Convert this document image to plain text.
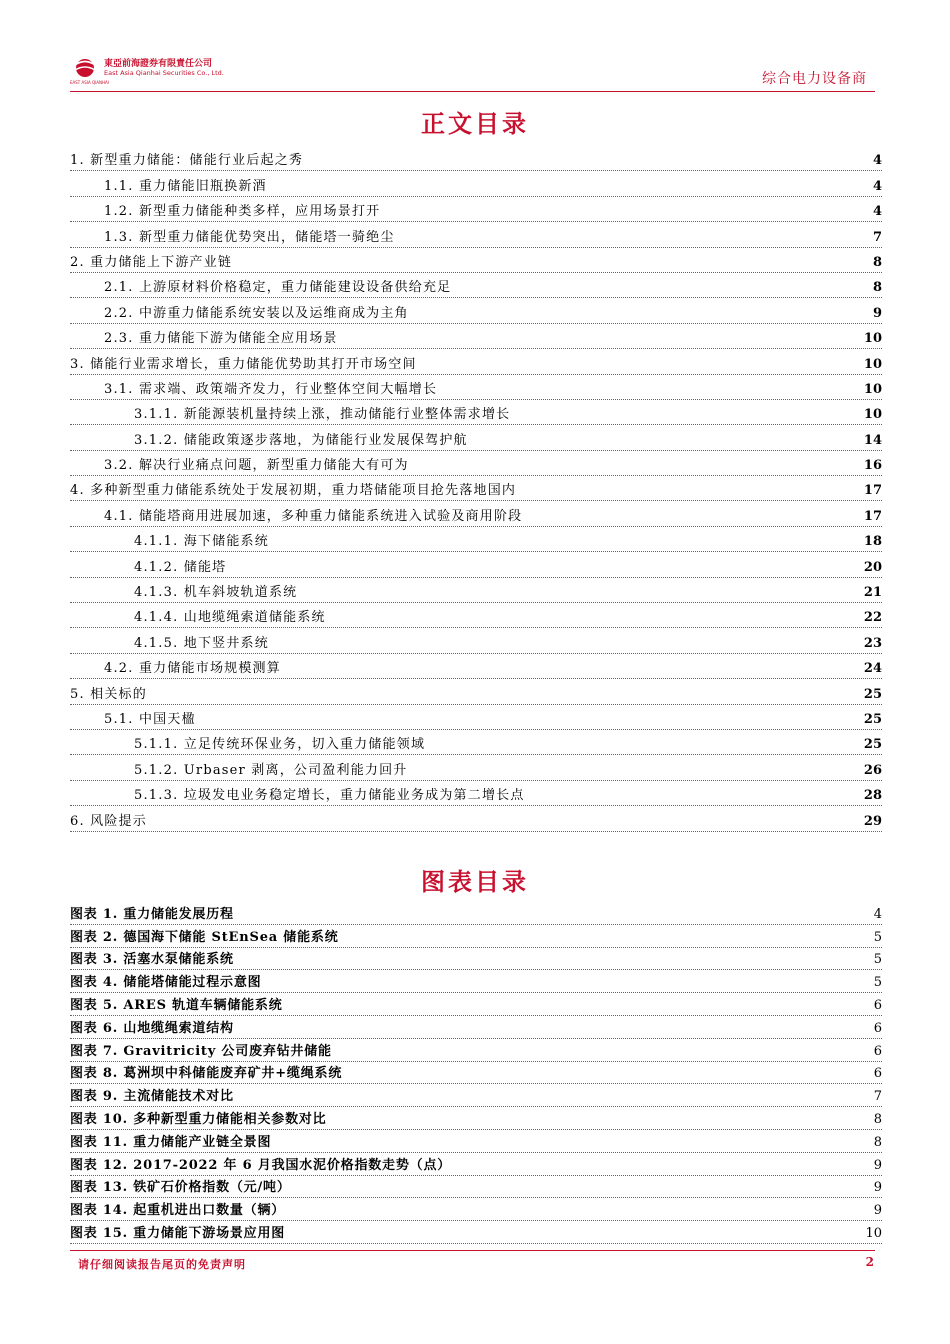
東亞前海證券有限責任公司
East Asia Qianhai Securities Co., Ltd.
EAST ASIA QIANHAI	综合电力设备商
正文目录
1. 新型重力储能：储能行业后起之秀	4
1.1. 重力储能旧瓶换新酒	4
1.2. 新型重力储能种类多样，应用场景打开	4
1.3. 新型重力储能优势突出，储能塔一骑绝尘	7
2. 重力储能上下游产业链	8
2.1. 上游原材料价格稳定，重力储能建设设备供给充足	8
2.2. 中游重力储能系统安装以及运维商成为主角	9
2.3. 重力储能下游为储能全应用场景	10
3. 储能行业需求增长，重力储能优势助其打开市场空间	10
3.1. 需求端、政策端齐发力，行业整体空间大幅增长	10
3.1.1. 新能源装机量持续上涨，推动储能行业整体需求增长	10
3.1.2. 储能政策逐步落地，为储能行业发展保驾护航	14
3.2. 解决行业痛点问题，新型重力储能大有可为	16
4. 多种新型重力储能系统处于发展初期，重力塔储能项目抢先落地国内	17
4.1. 储能塔商用进展加速，多种重力储能系统进入试验及商用阶段	17
4.1.1. 海下储能系统	18
4.1.2. 储能塔	20
4.1.3. 机车斜坡轨道系统	21
4.1.4. 山地缆绳索道储能系统	22
4.1.5. 地下竖井系统	23
4.2. 重力储能市场规模测算	24
5. 相关标的	25
5.1. 中国天楹	25
5.1.1. 立足传统环保业务，切入重力储能领域	25
5.1.2. Urbaser 剥离，公司盈利能力回升	26
5.1.3. 垃圾发电业务稳定增长，重力储能业务成为第二增长点	28
6. 风险提示	29
图表目录
图表 1. 重力储能发展历程	4
图表 2. 德国海下储能 StEnSea 储能系统	5
图表 3. 活塞水泵储能系统	5
图表 4. 储能塔储能过程示意图	5
图表 5. ARES 轨道车辆储能系统	6
图表 6. 山地缆绳索道结构	6
图表 7. Gravitricity 公司废弃钻井储能	6
图表 8. 葛洲坝中科储能废弃矿井+缆绳系统	6
图表 9. 主流储能技术对比	7
图表 10. 多种新型重力储能相关参数对比	8
图表 11. 重力储能产业链全景图	8
图表 12. 2017-2022 年 6 月我国水泥价格指数走势（点）	9
图表 13. 铁矿石价格指数（元/吨）	9
图表 14. 起重机进出口数量（辆）	9
图表 15. 重力储能下游场景应用图	10
请仔细阅读报告尾页的免责声明	2
